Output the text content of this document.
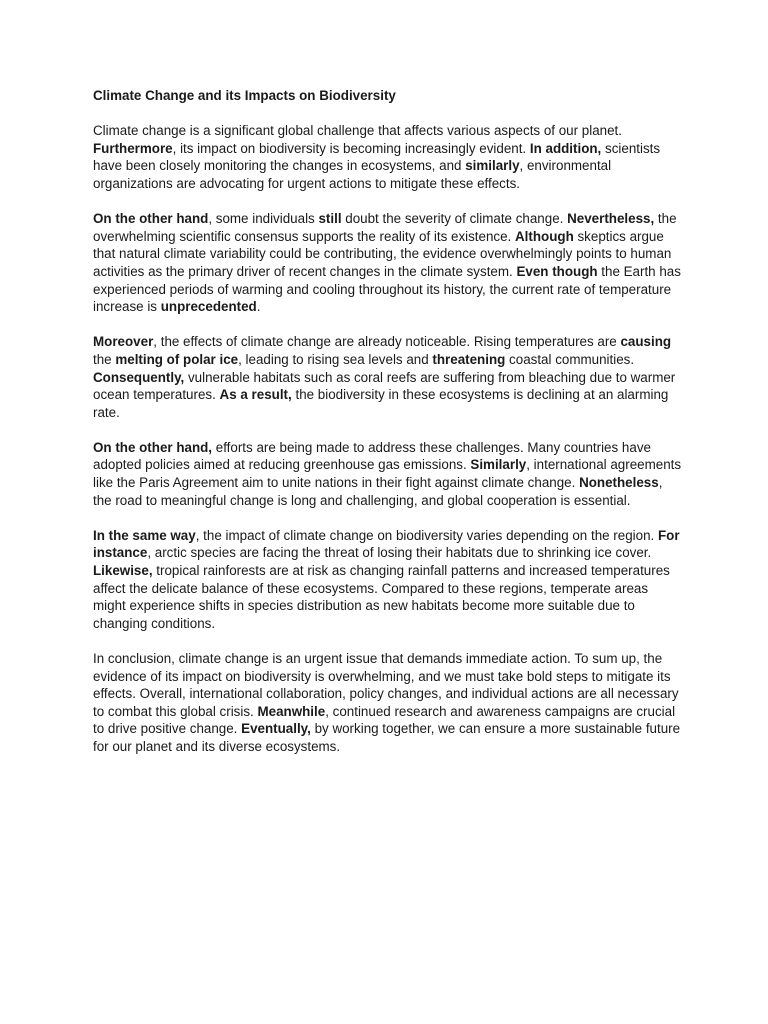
Climate Change and its Impacts on Biodiversity

Climate change is a significant global challenge that affects various aspects of our planet. Furthermore, its impact on biodiversity is becoming increasingly evident. In addition, scientists have been closely monitoring the changes in ecosystems, and similarly, environmental organizations are advocating for urgent actions to mitigate these effects.

On the other hand, some individuals still doubt the severity of climate change. Nevertheless, the overwhelming scientific consensus supports the reality of its existence. Although skeptics argue that natural climate variability could be contributing, the evidence overwhelmingly points to human activities as the primary driver of recent changes in the climate system. Even though the Earth has experienced periods of warming and cooling throughout its history, the current rate of temperature increase is unprecedented.

Moreover, the effects of climate change are already noticeable. Rising temperatures are causing the melting of polar ice, leading to rising sea levels and threatening coastal communities. Consequently, vulnerable habitats such as coral reefs are suffering from bleaching due to warmer ocean temperatures. As a result, the biodiversity in these ecosystems is declining at an alarming rate.

On the other hand, efforts are being made to address these challenges. Many countries have adopted policies aimed at reducing greenhouse gas emissions. Similarly, international agreements like the Paris Agreement aim to unite nations in their fight against climate change. Nonetheless, the road to meaningful change is long and challenging, and global cooperation is essential.

In the same way, the impact of climate change on biodiversity varies depending on the region. For instance, arctic species are facing the threat of losing their habitats due to shrinking ice cover. Likewise, tropical rainforests are at risk as changing rainfall patterns and increased temperatures affect the delicate balance of these ecosystems. Compared to these regions, temperate areas might experience shifts in species distribution as new habitats become more suitable due to changing conditions.

In conclusion, climate change is an urgent issue that demands immediate action. To sum up, the evidence of its impact on biodiversity is overwhelming, and we must take bold steps to mitigate its effects. Overall, international collaboration, policy changes, and individual actions are all necessary to combat this global crisis. Meanwhile, continued research and awareness campaigns are crucial to drive positive change. Eventually, by working together, we can ensure a more sustainable future for our planet and its diverse ecosystems.
